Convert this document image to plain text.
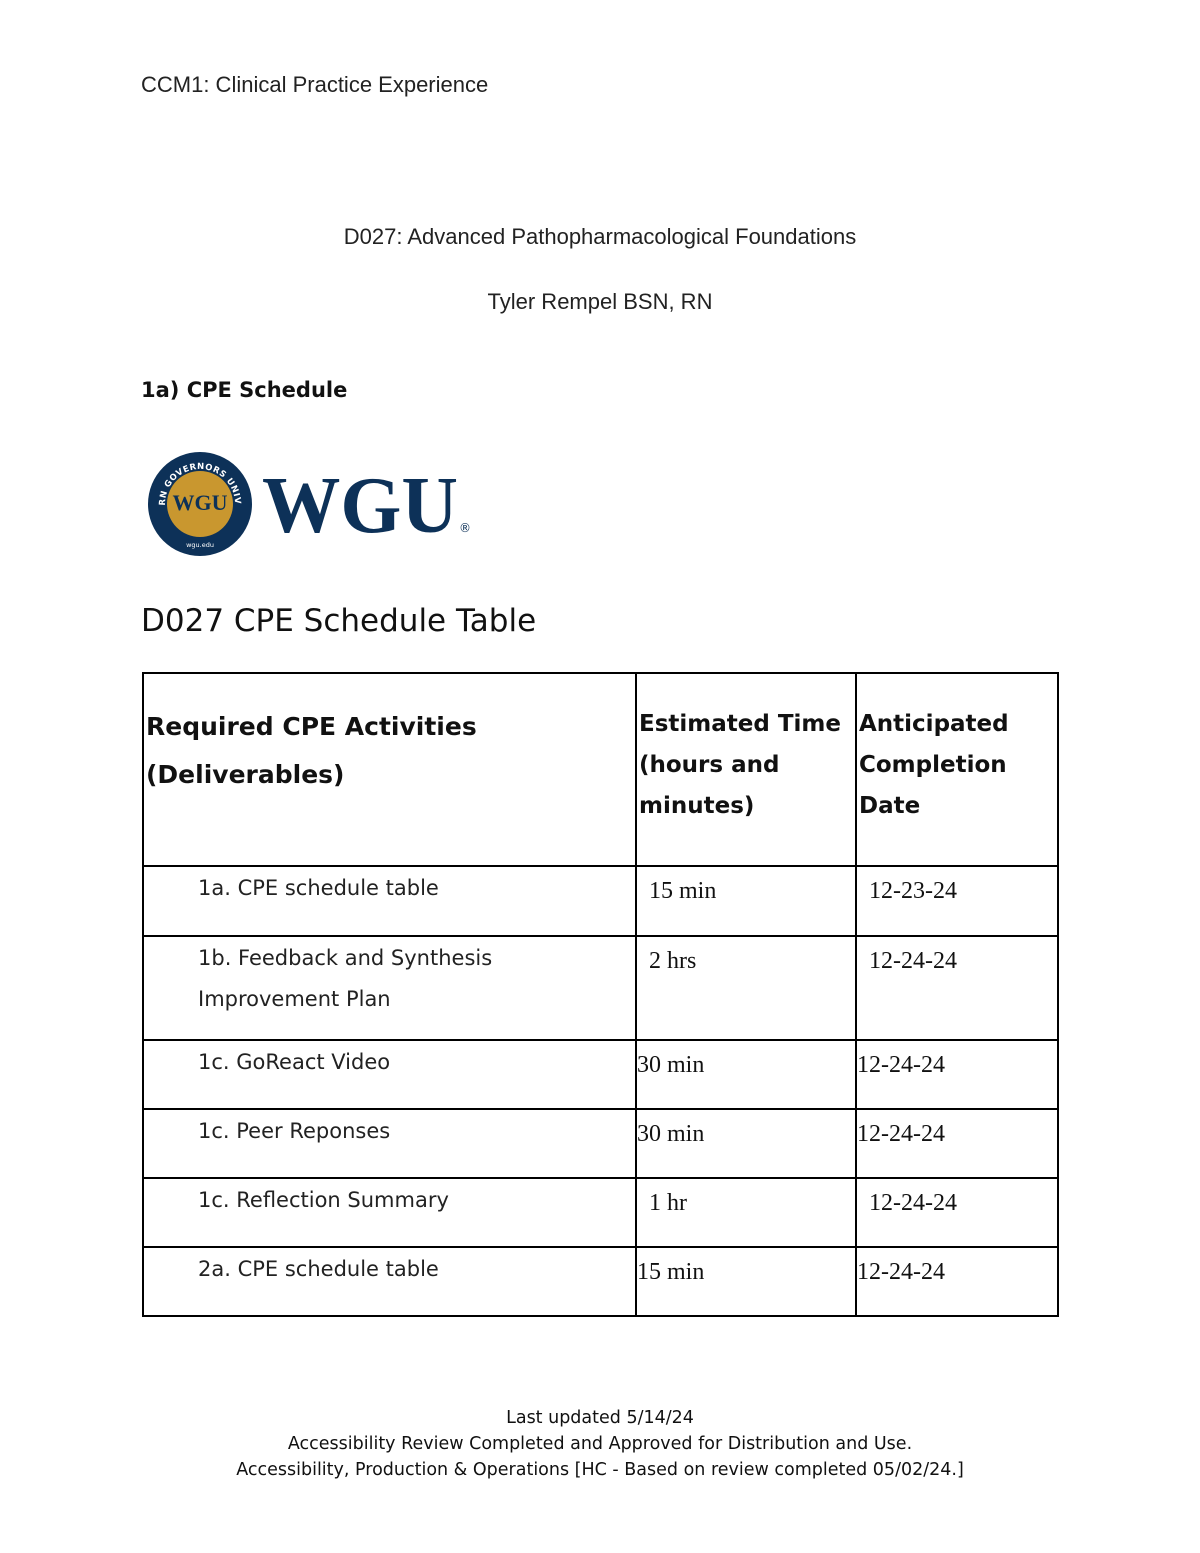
CCM1: Clinical Practice Experience
D027: Advanced Pathopharmacological Foundations
Tyler Rempel BSN, RN
1a) CPE Schedule
RN GOVERNORS UNIV
WGU
wgu.edu WGU ®
D027 CPE Schedule Table
Required CPE Activities (Deliverables)	Estimated Time (hours and minutes)	Anticipated Completion Date
1a. CPE schedule table	15 min	12-23-24
1b. Feedback and Synthesis Improvement Plan	2 hrs	12-24-24
1c. GoReact Video	30 min	12-24-24
1c. Peer Reponses	30 min	12-24-24
1c. Reflection Summary	1 hr	12-24-24
2a. CPE schedule table	15 min	12-24-24
Last updated 5/14/24
Accessibility Review Completed and Approved for Distribution and Use.
Accessibility, Production & Operations [HC - Based on review completed 05/02/24.]
